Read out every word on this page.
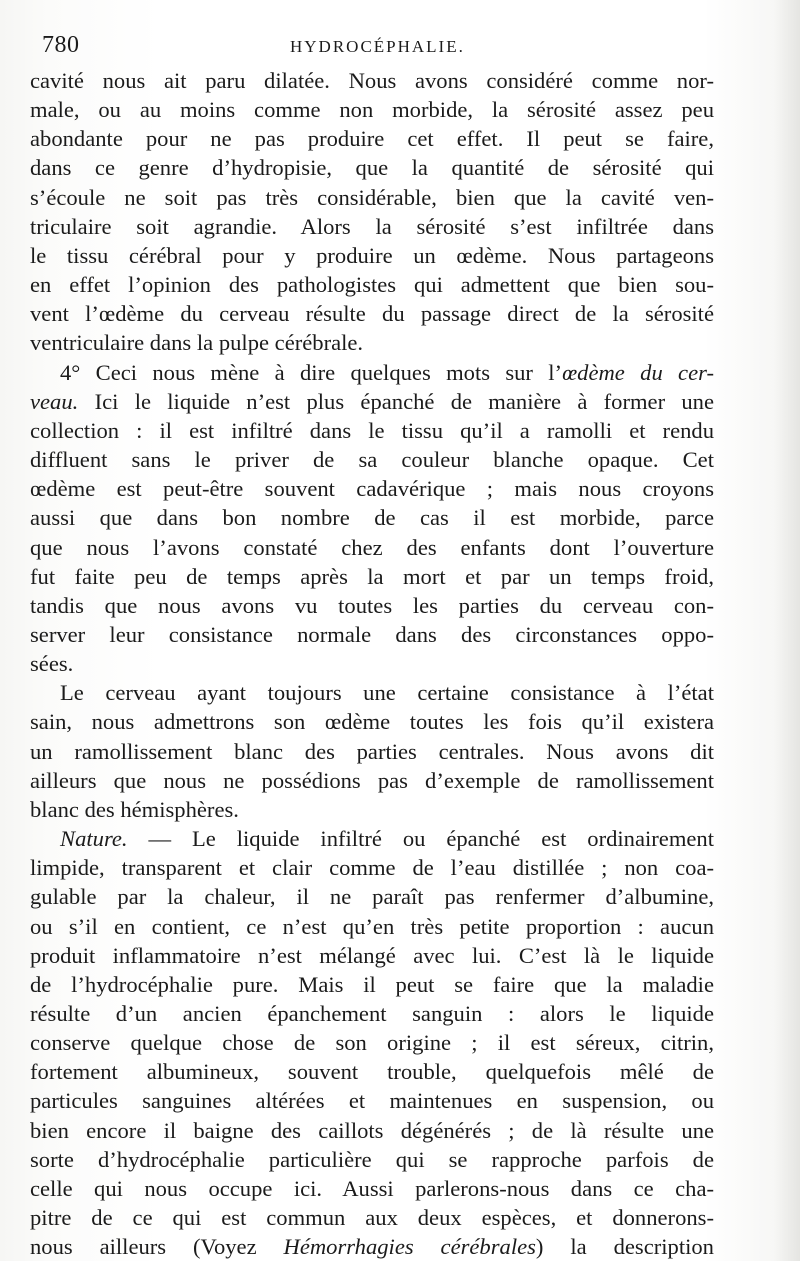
780	HYDROCÉPHALIE.
cavité nous ait paru dilatée. Nous avons considéré comme nor-
male, ou au moins comme non morbide, la sérosité assez peu
abondante pour ne pas produire cet effet. Il peut se faire,
dans ce genre d’hydropisie, que la quantité de sérosité qui
s’écoule ne soit pas très considérable, bien que la cavité ven-
triculaire soit agrandie. Alors la sérosité s’est infiltrée dans
le tissu cérébral pour y produire un œdème. Nous partageons
en effet l’opinion des pathologistes qui admettent que bien sou-
vent l’œdème du cerveau résulte du passage direct de la sérosité
ventriculaire dans la pulpe cérébrale.
4° Ceci nous mène à dire quelques mots sur l’œdème du cer-
veau. Ici le liquide n’est plus épanché de manière à former une
collection : il est infiltré dans le tissu qu’il a ramolli et rendu
diffluent sans le priver de sa couleur blanche opaque. Cet
œdème est peut-être souvent cadavérique ; mais nous croyons
aussi que dans bon nombre de cas il est morbide, parce
que nous l’avons constaté chez des enfants dont l’ouverture
fut faite peu de temps après la mort et par un temps froid,
tandis que nous avons vu toutes les parties du cerveau con-
server leur consistance normale dans des circonstances oppo-
sées.
Le cerveau ayant toujours une certaine consistance à l’état
sain, nous admettrons son œdème toutes les fois qu’il existera
un ramollissement blanc des parties centrales. Nous avons dit
ailleurs que nous ne possédions pas d’exemple de ramollissement
blanc des hémisphères.
Nature. — Le liquide infiltré ou épanché est ordinairement
limpide, transparent et clair comme de l’eau distillée ; non coa-
gulable par la chaleur, il ne paraît pas renfermer d’albumine,
ou s’il en contient, ce n’est qu’en très petite proportion : aucun
produit inflammatoire n’est mélangé avec lui. C’est là le liquide
de l’hydrocéphalie pure. Mais il peut se faire que la maladie
résulte d’un ancien épanchement sanguin : alors le liquide
conserve quelque chose de son origine ; il est séreux, citrin,
fortement albumineux, souvent trouble, quelquefois mêlé de
particules sanguines altérées et maintenues en suspension, ou
bien encore il baigne des caillots dégénérés ; de là résulte une
sorte d’hydrocéphalie particulière qui se rapproche parfois de
celle qui nous occupe ici. Aussi parlerons-nous dans ce cha-
pitre de ce qui est commun aux deux espèces, et donnerons-
nous ailleurs (Voyez Hémorrhagies cérébrales) la description
